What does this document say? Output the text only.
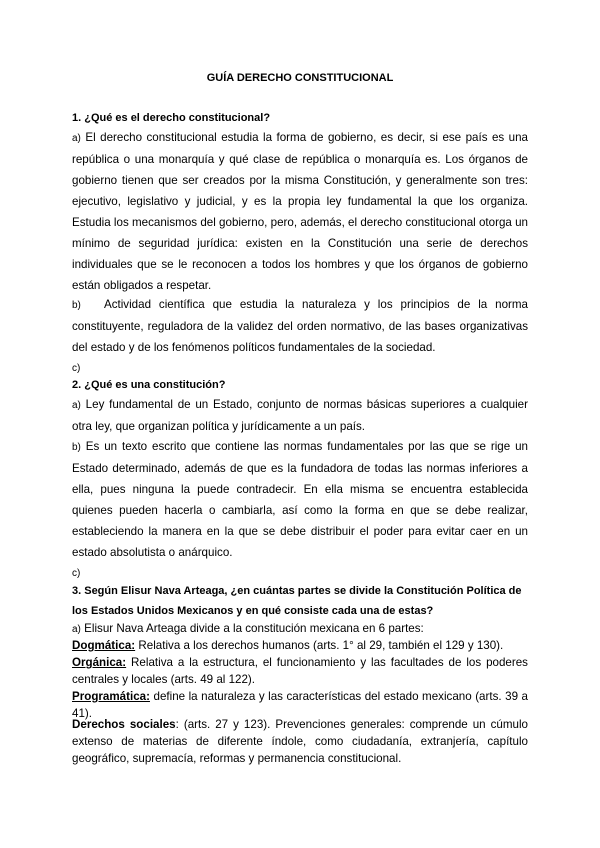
GUÍA DERECHO CONSTITUCIONAL
1. ¿Qué es el derecho constitucional?
a) El derecho constitucional estudia la forma de gobierno, es decir, si ese país es una república o una monarquía y qué clase de república o monarquía es. Los órganos de gobierno tienen que ser creados por la misma Constitución, y generalmente son tres: ejecutivo, legislativo y judicial, y es la propia ley fundamental la que los organiza. Estudia los mecanismos del gobierno, pero, además, el derecho constitucional otorga un mínimo de seguridad jurídica: existen en la Constitución una serie de derechos individuales que se le reconocen a todos los hombres y que los órganos de gobierno están obligados a respetar.
b) Actividad científica que estudia la naturaleza y los principios de la norma constituyente, reguladora de la validez del orden normativo, de las bases organizativas del estado y de los fenómenos políticos fundamentales de la sociedad.
c)
2. ¿Qué es una constitución?
a) Ley fundamental de un Estado, conjunto de normas básicas superiores a cualquier otra ley, que organizan política y jurídicamente a un país.
b) Es un texto escrito que contiene las normas fundamentales por las que se rige un Estado determinado, además de que es la fundadora de todas las normas inferiores a ella, pues ninguna la puede contradecir. En ella misma se encuentra establecida quienes pueden hacerla o cambiarla, así como la forma en que se debe realizar, estableciendo la manera en la que se debe distribuir el poder para evitar caer en un estado absolutista o anárquico.
c)
3. Según Elisur Nava Arteaga, ¿en cuántas partes se divide la Constitución Política de los Estados Unidos Mexicanos y en qué consiste cada una de estas?
a) Elisur Nava Arteaga divide a la constitución mexicana en 6 partes:
Dogmática: Relativa a los derechos humanos (arts. 1° al 29, también el 129 y 130).
Orgánica: Relativa a la estructura, el funcionamiento y las facultades de los poderes centrales y locales (arts. 49 al 122).
Programática: define la naturaleza y las características del estado mexicano (arts. 39 a 41).
Derechos sociales: (arts. 27 y 123). Prevenciones generales: comprende un cúmulo extenso de materias de diferente índole, como ciudadanía, extranjería, capítulo geográfico, supremacía, reformas y permanencia constitucional.
